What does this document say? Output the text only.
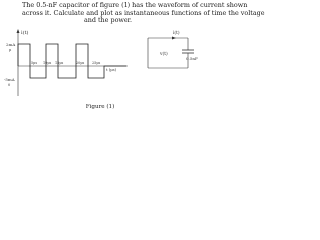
The 0.5-nF capacitor of figure (1) has the waveform of current shown
across it. Calculate and plot as instantaneous functions of time the voltage
and the power.

i(t)
2mA
μ
-5mA
0
5μs 10μs 15μs	20μs 25μs
t (μs)
i(t)
v(t)
0.5nF
Figure (1)
